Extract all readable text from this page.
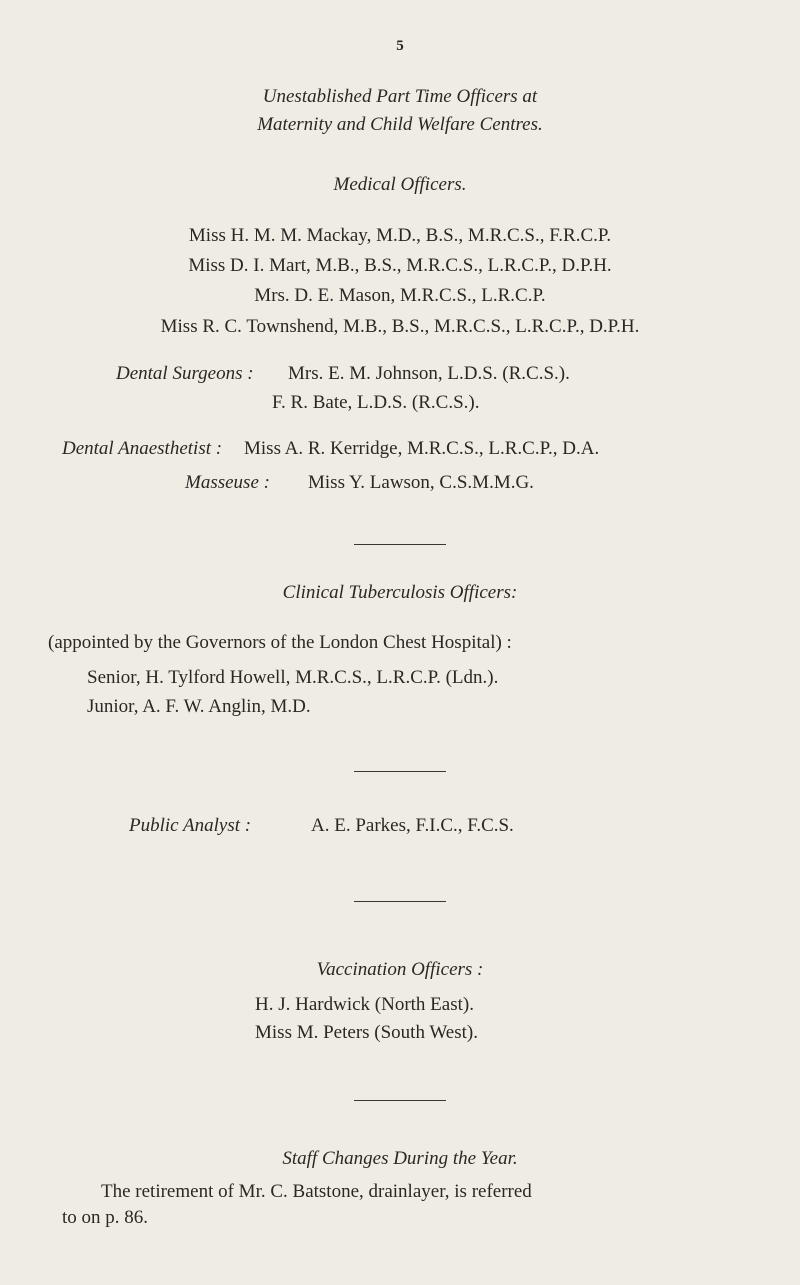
5
Unestablished Part Time Officers at
Maternity and Child Welfare Centres.
Medical Officers.
Miss H. M. M. Mackay, M.D., B.S., M.R.C.S., F.R.C.P.
Miss D. I. Mart, M.B., B.S., M.R.C.S., L.R.C.P., D.P.H.
Mrs. D. E. Mason, M.R.C.S., L.R.C.P.
Miss R. C. Townshend, M.B., B.S., M.R.C.S., L.R.C.P., D.P.H.
Dental Surgeons : Mrs. E. M. Johnson, L.D.S. (R.C.S.).
F. R. Bate, L.D.S. (R.C.S.).
Dental Anaesthetist : Miss A. R. Kerridge, M.R.C.S., L.R.C.P., D.A.
Masseuse : Miss Y. Lawson, C.S.M.M.G.
Clinical Tuberculosis Officers:
(appointed by the Governors of the London Chest Hospital) :
Senior, H. Tylford Howell, M.R.C.S., L.R.C.P. (Ldn.).
Junior, A. F. W. Anglin, M.D.
Public Analyst :	A. E. Parkes, F.I.C., F.C.S.
Vaccination Officers :
H. J. Hardwick (North East).
Miss M. Peters (South West).
Staff Changes During the Year.
The retirement of Mr. C. Batstone, drainlayer, is referred
to on p. 86.
